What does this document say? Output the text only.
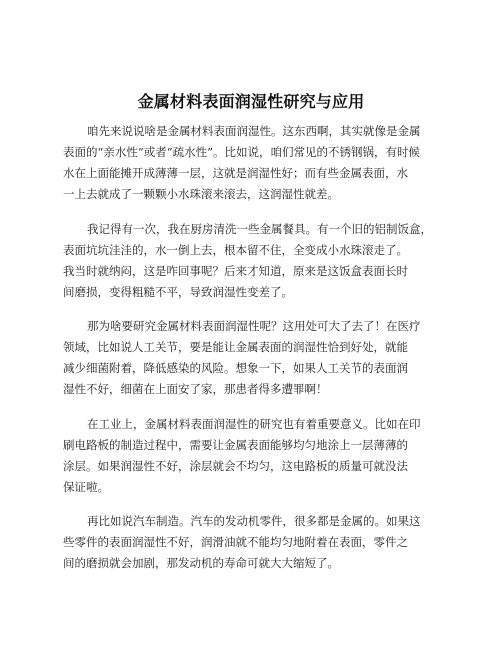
金属材料表面润湿性研究与应用
咱先来说说啥是金属材料表面润湿性。这东西啊，其实就像是金属
表面的“亲水性”或者“疏水性”。比如说，咱们常见的不锈钢锅，有时候
水在上面能摊开成薄薄一层，这就是润湿性好；而有些金属表面，水
一上去就成了一颗颗小水珠滚来滚去，这润湿性就差。
我记得有一次，我在厨房清洗一些金属餐具。有一个旧的铝制饭盒，
表面坑坑洼洼的，水一倒上去，根本留不住，全变成小水珠滚走了。
我当时就纳闷，这是咋回事呢？后来才知道，原来是这饭盒表面长时
间磨损，变得粗糙不平，导致润湿性变差了。
那为啥要研究金属材料表面润湿性呢？这用处可大了去了！在医疗
领域，比如说人工关节，要是能让金属表面的润湿性恰到好处，就能
减少细菌附着，降低感染的风险。想象一下，如果人工关节的表面润
湿性不好，细菌在上面安了家，那患者得多遭罪啊！
在工业上，金属材料表面润湿性的研究也有着重要意义。比如在印
刷电路板的制造过程中，需要让金属表面能够均匀地涂上一层薄薄的
涂层。如果润湿性不好，涂层就会不均匀，这电路板的质量可就没法
保证啦。
再比如说汽车制造。汽车的发动机零件，很多都是金属的。如果这
些零件的表面润湿性不好，润滑油就不能均匀地附着在表面，零件之
间的磨损就会加剧，那发动机的寿命可就大大缩短了。
